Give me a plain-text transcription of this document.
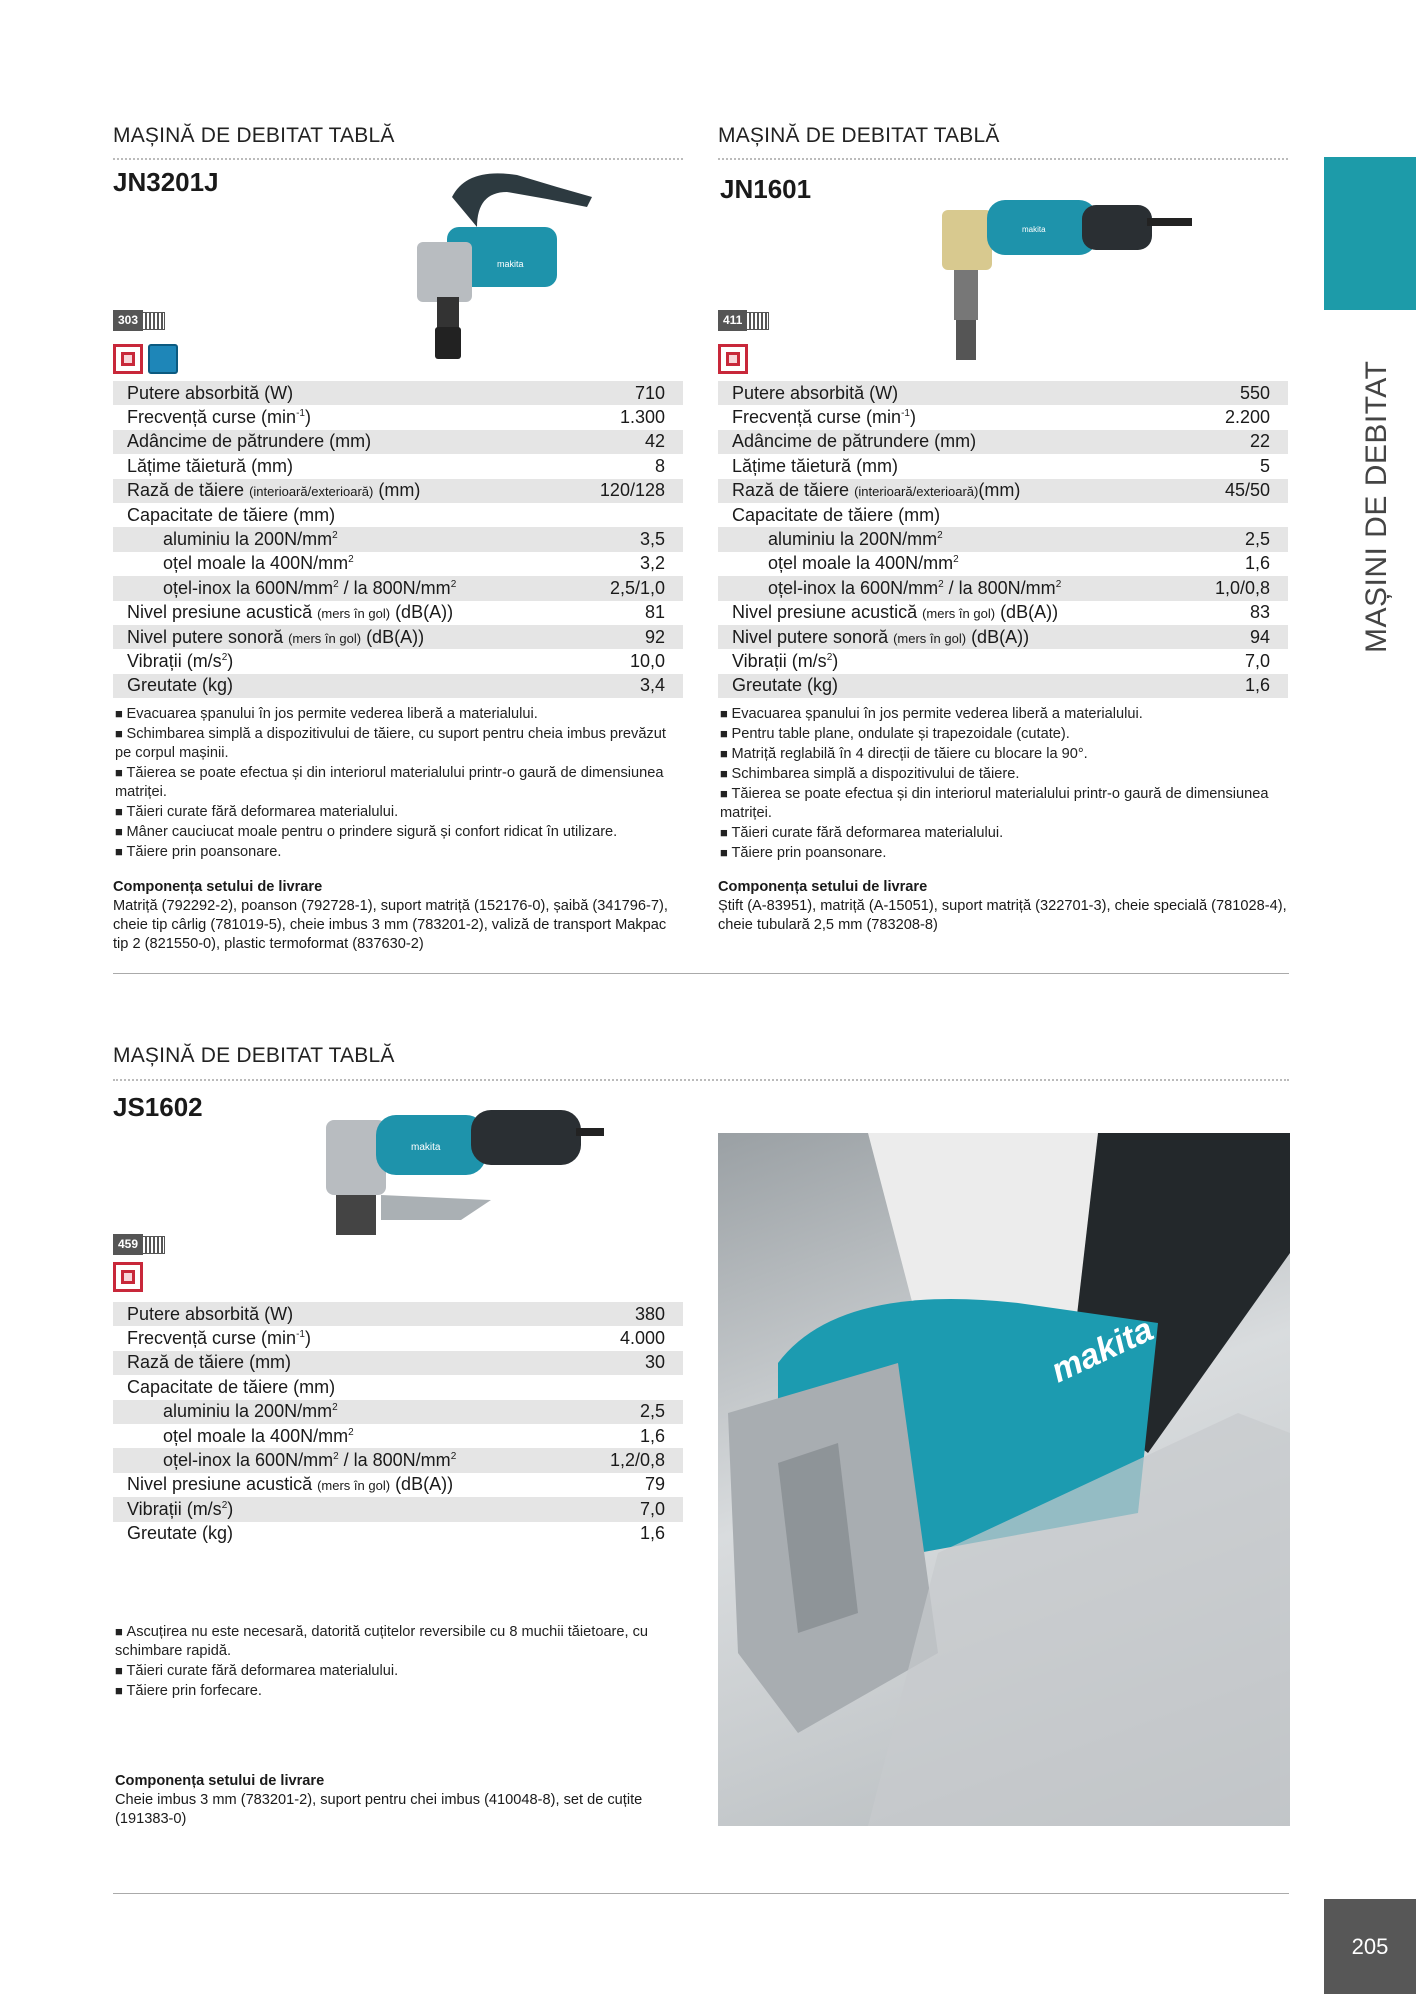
MAȘINĂ DE DEBITAT TABLĂ
JN3201J
makita
303
Putere absorbită (W)	710
Frecvență curse $(\min^{-1})$	1.300
Adâncime de pătrundere (mm)	42
Lățime tăietură (mm)	8
Rază de tăiere (interioară/exterioară) (mm)	120/128
Capacitate de tăiere (mm)
aluminiu la $200N/mm^2$	3,5
oțel moale la $400N/mm^2$	3,2
oțel-inox la $600N/mm^2$ / la $800N/mm^2$	2,5/1,0
Nivel presiune acustică (mers în gol) (dB(A))	81
Nivel putere sonoră (mers în gol) (dB(A))	92
Vibrații $(m/s^2)$	10,0
Greutate (kg)	3,4
■ Evacuarea șpanului în jos permite vederea liberă a materialului.
■ Schimbarea simplă a dispozitivului de tăiere, cu suport pentru cheia imbus prevăzut pe corpul mașinii.
■ Tăierea se poate efectua și din interiorul materialului printr-o gaură de dimensiunea matriței.
■ Tăieri curate fără deformarea materialului.
■ Mâner cauciucat moale pentru o prindere sigură și confort ridicat în utilizare.
■ Tăiere prin poansonare.
Componența setului de livrare
Matriță (792292-2), poanson (792728-1), suport matriță (152176-0), șaibă (341796-7), cheie tip cârlig (781019-5), cheie imbus 3 mm (783201-2), valiză de transport Makpac tip 2 (821550-0), plastic termoformat (837630-2)
MAȘINĂ DE DEBITAT TABLĂ
JN1601
makita
411
Putere absorbită (W)	550
Frecvență curse $(\min^{-1})$	2.200
Adâncime de pătrundere (mm)	22
Lățime tăietură (mm)	5
Rază de tăiere (interioară/exterioară)(mm)	45/50
Capacitate de tăiere (mm)
aluminiu la $200N/mm^2$	2,5
oțel moale la $400N/mm^2$	1,6
oțel-inox la $600N/mm^2$ / la $800N/mm^2$	1,0/0,8
Nivel presiune acustică (mers în gol) (dB(A))	83
Nivel putere sonoră (mers în gol) (dB(A))	94
Vibrații $(m/s^2)$	7,0
Greutate (kg)	1,6
■ Evacuarea șpanului în jos permite vederea liberă a materialului.
■ Pentru table plane, ondulate și trapezoidale (cutate).
■ Matriță reglabilă în 4 direcții de tăiere cu blocare la 90°.
■ Schimbarea simplă a dispozitivului de tăiere.
■ Tăierea se poate efectua și din interiorul materialului printr-o gaură de dimensiunea matriței.
■ Tăieri curate fără deformarea materialului.
■ Tăiere prin poansonare.
Componența setului de livrare
Știft (A-83951), matriță (A-15051), suport matriță (322701-3), cheie specială (781028-4), cheie tubulară 2,5 mm (783208-8)
MAȘINĂ DE DEBITAT TABLĂ
JS1602
makita
459
Putere absorbită (W)	380
Frecvență curse $(\min^{-1})$	4.000
Rază de tăiere (mm)	30
Capacitate de tăiere (mm)
aluminiu la $200N/mm^2$	2,5
oțel moale la $400N/mm^2$	1,6
oțel-inox la $600N/mm^2$ / la $800N/mm^2$	1,2/0,8
Nivel presiune acustică (mers în gol) (dB(A))	79
Vibrații $(m/s^2)$	7,0
Greutate (kg)	1,6
■ Ascuțirea nu este necesară, datorită cuțitelor reversibile cu 8 muchii tăietoare, cu schimbare rapidă.
■ Tăieri curate fără deformarea materialului.
■ Tăiere prin forfecare.
Componența setului de livrare
Cheie imbus 3 mm (783201-2), suport pentru chei imbus (410048-8), set de cuțite (191383-0)
makita
MAȘINI DE DEBITAT
205
